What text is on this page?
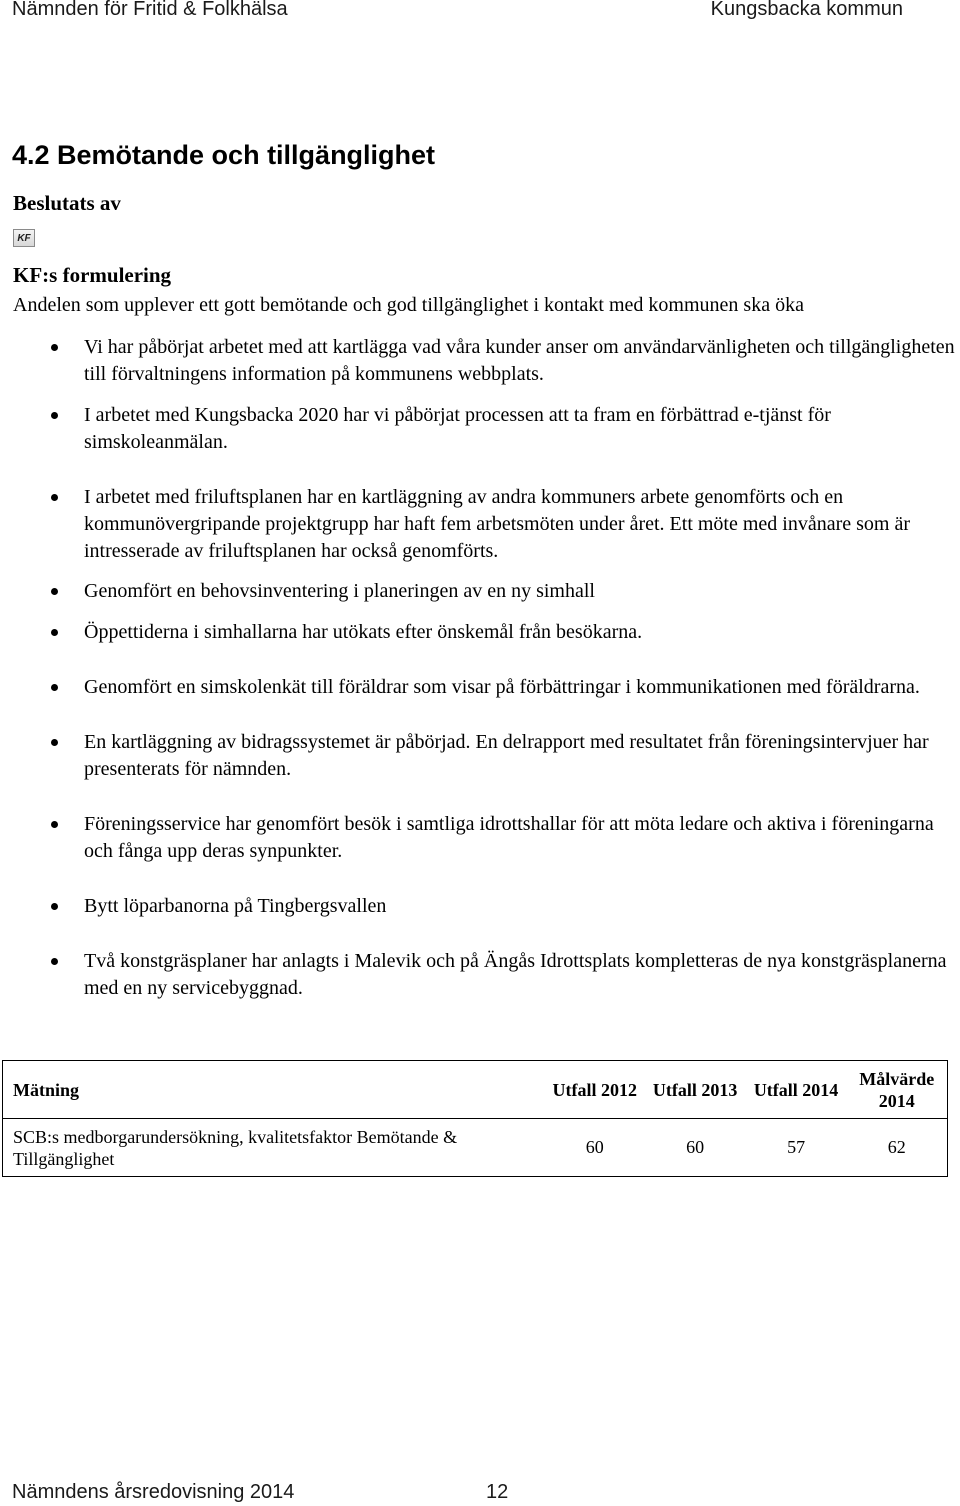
Nämnden för Fritid & Folkhälsa	Kungsbacka kommun
4.2 Bemötande och tillgänglighet
Beslutats av
KF
KF:s formulering

Andelen som upplever ett gott bemötande och god tillgänglighet i kontakt med kommunen ska öka

Vi har påbörjat arbetet med att kartlägga vad våra kunder anser om användarvänligheten och tillgängligheten till förvaltningens information på kommunens webbplats.
I arbetet med Kungsbacka 2020 har vi påbörjat processen att ta fram en förbättrad e-tjänst för simskoleanmälan.
I arbetet med friluftsplanen har en kartläggning av andra kommuners arbete genomförts och en kommunövergripande projektgrupp har haft fem arbetsmöten under året. Ett möte med invånare som är intresserade av friluftsplanen har också genomförts.
Genomfört en behovsinventering i planeringen av en ny simhall
Öppettiderna i simhallarna har utökats efter önskemål från besökarna.
Genomfört en simskolenkät till föräldrar som visar på förbättringar i kommunikationen med föräldrarna.
En kartläggning av bidragssystemet är påbörjad. En delrapport med resultatet från föreningsintervjuer har presenterats för nämnden.
Föreningsservice har genomfört besök i samtliga idrottshallar för att möta ledare och aktiva i föreningarna och fånga upp deras synpunkter.
Bytt löparbanorna på Tingbergsvallen
Två konstgräsplaner har anlagts i Malevik och på Ängås Idrottsplats kompletteras de nya konstgräsplanerna med en ny servicebyggnad.
Mätning	Utfall 2012	Utfall 2013	Utfall 2014	Målvärde 2014
SCB:s medborgarundersökning, kvalitetsfaktor Bemötande & Tillgänglighet	60	60	57	62
Nämndens årsredovisning 2014	12
